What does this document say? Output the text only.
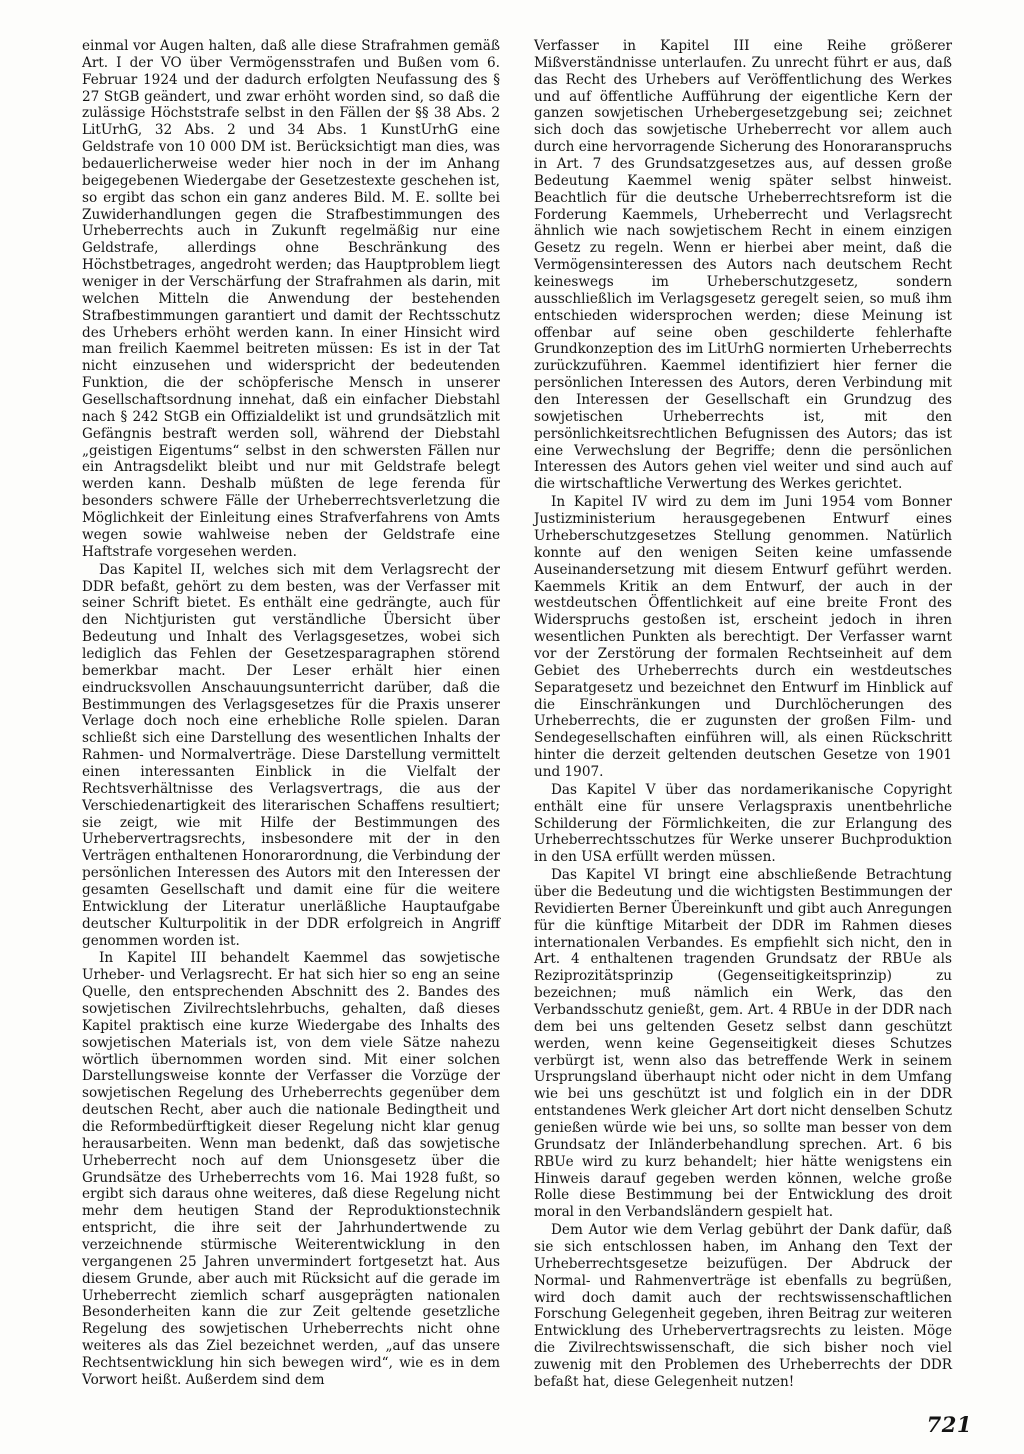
einmal vor Augen halten, daß alle diese Strafrahmen gemäß Art. I der VO über Vermögensstrafen und Bußen vom 6. Februar 1924 und der dadurch erfolgten Neufassung des § 27 StGB geändert, und zwar erhöht worden sind, so daß die zulässige Höchststrafe selbst in den Fällen der §§ 38 Abs. 2 LitUrhG, 32 Abs. 2 und 34 Abs. 1 KunstUrhG eine Geldstrafe von 10 000 DM ist. Berücksichtigt man dies, was bedauerlicherweise weder hier noch in der im Anhang beigegebenen Wiedergabe der Gesetzestexte geschehen ist, so ergibt das schon ein ganz anderes Bild. M. E. sollte bei Zuwiderhandlungen gegen die Strafbestimmungen des Urheberrechts auch in Zukunft regelmäßig nur eine Geldstrafe, allerdings ohne Beschränkung des Höchstbetrages, angedroht werden; das Hauptproblem liegt weniger in der Verschärfung der Strafrahmen als darin, mit welchen Mitteln die Anwendung der bestehenden Strafbestimmungen garantiert und damit der Rechtsschutz des Urhebers erhöht werden kann. In einer Hinsicht wird man freilich Kaemmel beitreten müssen: Es ist in der Tat nicht einzusehen und widerspricht der bedeutenden Funktion, die der schöpferische Mensch in unserer Gesellschaftsordnung innehat, daß ein einfacher Diebstahl nach § 242 StGB ein Offizialdelikt ist und grundsätzlich mit Gefängnis bestraft werden soll, während der Diebstahl „geistigen Eigentums“ selbst in den schwersten Fällen nur ein Antragsdelikt bleibt und nur mit Geldstrafe belegt werden kann. Deshalb müßten de lege ferenda für besonders schwere Fälle der Urheberrechtsverletzung die Möglichkeit der Einleitung eines Strafverfahrens von Amts wegen sowie wahlweise neben der Geldstrafe eine Haftstrafe vorgesehen werden.

Das Kapitel II, welches sich mit dem Verlagsrecht der DDR befaßt, gehört zu dem besten, was der Verfasser mit seiner Schrift bietet. Es enthält eine gedrängte, auch für den Nichtjuristen gut verständliche Übersicht über Bedeutung und Inhalt des Verlagsgesetzes, wobei sich lediglich das Fehlen der Gesetzesparagraphen störend bemerkbar macht. Der Leser erhält hier einen eindrucksvollen Anschauungsunterricht darüber, daß die Bestimmungen des Verlagsgesetzes für die Praxis unserer Verlage doch noch eine erhebliche Rolle spielen. Daran schließt sich eine Darstellung des wesentlichen Inhalts der Rahmen- und Normalverträge. Diese Darstellung vermittelt einen interessanten Einblick in die Vielfalt der Rechtsverhältnisse des Verlagsvertrags, die aus der Verschiedenartigkeit des literarischen Schaffens resultiert; sie zeigt, wie mit Hilfe der Bestimmungen des Urhebervertragsrechts, insbesondere mit der in den Verträgen enthaltenen Honorarordnung, die Verbindung der persönlichen Interessen des Autors mit den Interessen der gesamten Gesellschaft und damit eine für die weitere Entwicklung der Literatur unerläßliche Hauptaufgabe deutscher Kulturpolitik in der DDR erfolgreich in Angriff genommen worden ist.

In Kapitel III behandelt Kaemmel das sowjetische Urheber- und Verlagsrecht. Er hat sich hier so eng an seine Quelle, den entsprechenden Abschnitt des 2. Bandes des sowjetischen Zivilrechtslehrbuchs, gehalten, daß dieses Kapitel praktisch eine kurze Wiedergabe des Inhalts des sowjetischen Materials ist, von dem viele Sätze nahezu wörtlich übernommen worden sind. Mit einer solchen Darstellungsweise konnte der Verfasser die Vorzüge der sowjetischen Regelung des Urheberrechts gegenüber dem deutschen Recht, aber auch die nationale Bedingtheit und die Reformbedürftigkeit dieser Regelung nicht klar genug herausarbeiten. Wenn man bedenkt, daß das sowjetische Urheberrecht noch auf dem Unionsgesetz über die Grundsätze des Urheberrechts vom 16. Mai 1928 fußt, so ergibt sich daraus ohne weiteres, daß diese Regelung nicht mehr dem heutigen Stand der Reproduktionstechnik entspricht, die ihre seit der Jahrhundertwende zu verzeichnende stürmische Weiterentwicklung in den vergangenen 25 Jahren unvermindert fortgesetzt hat. Aus diesem Grunde, aber auch mit Rücksicht auf die gerade im Urheberrecht ziemlich scharf ausgeprägten nationalen Besonderheiten kann die zur Zeit geltende gesetzliche Regelung des sowjetischen Urheberrechts nicht ohne weiteres als das Ziel bezeichnet werden, „auf das unsere Rechtsentwicklung hin sich bewegen wird“, wie es in dem Vorwort heißt. Außerdem sind dem

Verfasser in Kapitel III eine Reihe größerer Mißverständnisse unterlaufen. Zu unrecht führt er aus, daß das Recht des Urhebers auf Veröffentlichung des Werkes und auf öffentliche Aufführung der eigentliche Kern der ganzen sowjetischen Urhebergesetzgebung sei; zeichnet sich doch das sowjetische Urheberrecht vor allem auch durch eine hervorragende Sicherung des Honoraranspruchs in Art. 7 des Grundsatzgesetzes aus, auf dessen große Bedeutung Kaemmel wenig später selbst hinweist. Beachtlich für die deutsche Urheberrechtsreform ist die Forderung Kaemmels, Urheberrecht und Verlagsrecht ähnlich wie nach sowjetischem Recht in einem einzigen Gesetz zu regeln. Wenn er hierbei aber meint, daß die Vermögensinteressen des Autors nach deutschem Recht keineswegs im Urheberschutzgesetz, sondern ausschließlich im Verlagsgesetz geregelt seien, so muß ihm entschieden widersprochen werden; diese Meinung ist offenbar auf seine oben geschilderte fehlerhafte Grundkonzeption des im LitUrhG normierten Urheberrechts zurückzuführen. Kaemmel identifiziert hier ferner die persönlichen Interessen des Autors, deren Verbindung mit den Interessen der Gesellschaft ein Grundzug des sowjetischen Urheberrechts ist, mit den persönlichkeitsrechtlichen Befugnissen des Autors; das ist eine Verwechslung der Begriffe; denn die persönlichen Interessen des Autors gehen viel weiter und sind auch auf die wirtschaftliche Verwertung des Werkes gerichtet.

In Kapitel IV wird zu dem im Juni 1954 vom Bonner Justizministerium herausgegebenen Entwurf eines Urheberschutzgesetzes Stellung genommen. Natürlich konnte auf den wenigen Seiten keine umfassende Auseinandersetzung mit diesem Entwurf geführt werden. Kaemmels Kritik an dem Entwurf, der auch in der westdeutschen Öffentlichkeit auf eine breite Front des Widerspruchs gestoßen ist, erscheint jedoch in ihren wesentlichen Punkten als berechtigt. Der Verfasser warnt vor der Zerstörung der formalen Rechtseinheit auf dem Gebiet des Urheberrechts durch ein westdeutsches Separatgesetz und bezeichnet den Entwurf im Hinblick auf die Einschränkungen und Durchlöcherungen des Urheberrechts, die er zugunsten der großen Film- und Sendegesellschaften einführen will, als einen Rückschritt hinter die derzeit geltenden deutschen Gesetze von 1901 und 1907.

Das Kapitel V über das nordamerikanische Copyright enthält eine für unsere Verlagspraxis unentbehrliche Schilderung der Förmlichkeiten, die zur Erlangung des Urheberrechtsschutzes für Werke unserer Buchproduktion in den USA erfüllt werden müssen.

Das Kapitel VI bringt eine abschließende Betrachtung über die Bedeutung und die wichtigsten Bestimmungen der Revidierten Berner Übereinkunft und gibt auch Anregungen für die künftige Mitarbeit der DDR im Rahmen dieses internationalen Verbandes. Es empfiehlt sich nicht, den in Art. 4 enthaltenen tragenden Grundsatz der RBUe als Reziprozitätsprinzip (Gegenseitigkeitsprinzip) zu bezeichnen; muß nämlich ein Werk, das den Verbandsschutz genießt, gem. Art. 4 RBUe in der DDR nach dem bei uns geltenden Gesetz selbst dann geschützt werden, wenn keine Gegenseitigkeit dieses Schutzes verbürgt ist, wenn also das betreffende Werk in seinem Ursprungsland überhaupt nicht oder nicht in dem Umfang wie bei uns geschützt ist und folglich ein in der DDR entstandenes Werk gleicher Art dort nicht denselben Schutz genießen würde wie bei uns, so sollte man besser von dem Grundsatz der Inländerbehandlung sprechen. Art. 6 bis RBUe wird zu kurz behandelt; hier hätte wenigstens ein Hinweis darauf gegeben werden können, welche große Rolle diese Bestimmung bei der Entwicklung des droit moral in den Verbandsländern gespielt hat.

Dem Autor wie dem Verlag gebührt der Dank dafür, daß sie sich entschlossen haben, im Anhang den Text der Urheberrechtsgesetze beizufügen. Der Abdruck der Normal- und Rahmenverträge ist ebenfalls zu begrüßen, wird doch damit auch der rechtswissenschaftlichen Forschung Gelegenheit gegeben, ihren Beitrag zur weiteren Entwicklung des Urhebervertragsrechts zu leisten. Möge die Zivilrechtswissenschaft, die sich bisher noch viel zuwenig mit den Problemen des Urheberrechts der DDR befaßt hat, diese Gelegenheit nutzen!

721
